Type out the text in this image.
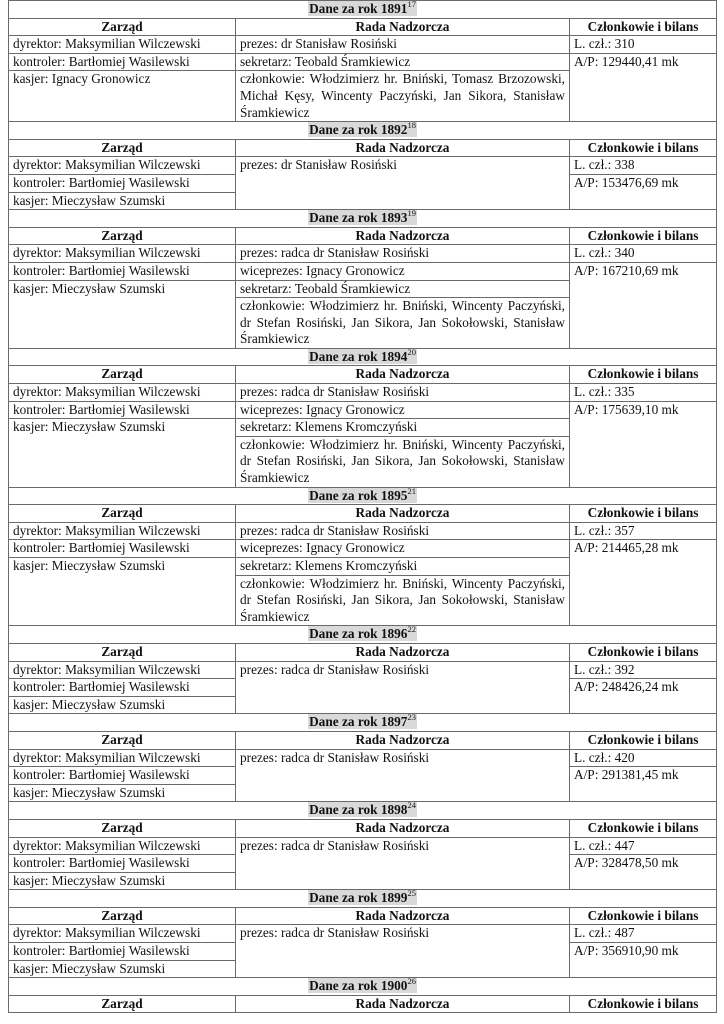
Dane za rok 1891$^{17}$
Zarząd	Rada Nadzorcza	Członkowie i bilans
dyrektor: Maksymilian Wilczewski	prezes: dr Stanisław Rosiński	L. czł.: 310
kontroler: Bartłomiej Wasilewski	sekretarz: Teobald Śramkiewicz	A/P: 129440,41 mk
kasjer: Ignacy Gronowicz	członkowie: Włodzimierz hr. Bniński, Tomasz Brzozowski, Michał Kęsy, Wincenty Paczyński, Jan Sikora, Stanisław Śramkiewicz	
Dane za rok 1892$^{18}$
Zarząd	Rada Nadzorcza	Członkowie i bilans
dyrektor: Maksymilian Wilczewski	prezes: dr Stanisław Rosiński	L. czł.: 338
kontroler: Bartłomiej Wasilewski		A/P: 153476,69 mk
kasjer: Mieczysław Szumski		
Dane za rok 1893$^{19}$
Zarząd	Rada Nadzorcza	Członkowie i bilans
dyrektor: Maksymilian Wilczewski	prezes: radca dr Stanisław Rosiński	L. czł.: 340
kontroler: Bartłomiej Wasilewski	wiceprezes: Ignacy Gronowicz	A/P: 167210,69 mk
kasjer: Mieczysław Szumski	sekretarz: Teobald Śramkiewicz	
	członkowie: Włodzimierz hr. Bniński, Wincenty Paczyński, dr Stefan Rosiński, Jan Sikora, Jan Sokołowski, Stanisław Śramkiewicz	
Dane za rok 1894$^{20}$
Zarząd	Rada Nadzorcza	Członkowie i bilans
dyrektor: Maksymilian Wilczewski	prezes: radca dr Stanisław Rosiński	L. czł.: 335
kontroler: Bartłomiej Wasilewski	wiceprezes: Ignacy Gronowicz	A/P: 175639,10 mk
kasjer: Mieczysław Szumski	sekretarz: Klemens Kromczyński	
	członkowie: Włodzimierz hr. Bniński, Wincenty Paczyński, dr Stefan Rosiński, Jan Sikora, Jan Sokołowski, Stanisław Śramkiewicz	
Dane za rok 1895$^{21}$
Zarząd	Rada Nadzorcza	Członkowie i bilans
dyrektor: Maksymilian Wilczewski	prezes: radca dr Stanisław Rosiński	L. czł.: 357
kontroler: Bartłomiej Wasilewski	wiceprezes: Ignacy Gronowicz	A/P: 214465,28 mk
kasjer: Mieczysław Szumski	sekretarz: Klemens Kromczyński	
	członkowie: Włodzimierz hr. Bniński, Wincenty Paczyński, dr Stefan Rosiński, Jan Sikora, Jan Sokołowski, Stanisław Śramkiewicz	
Dane za rok 1896$^{22}$
Zarząd	Rada Nadzorcza	Członkowie i bilans
dyrektor: Maksymilian Wilczewski	prezes: radca dr Stanisław Rosiński	L. czł.: 392
kontroler: Bartłomiej Wasilewski		A/P: 248426,24 mk
kasjer: Mieczysław Szumski		
Dane za rok 1897$^{23}$
Zarząd	Rada Nadzorcza	Członkowie i bilans
dyrektor: Maksymilian Wilczewski	prezes: radca dr Stanisław Rosiński	L. czł.: 420
kontroler: Bartłomiej Wasilewski		A/P: 291381,45 mk
kasjer: Mieczysław Szumski		
Dane za rok 1898$^{24}$
Zarząd	Rada Nadzorcza	Członkowie i bilans
dyrektor: Maksymilian Wilczewski	prezes: radca dr Stanisław Rosiński	L. czł.: 447
kontroler: Bartłomiej Wasilewski		A/P: 328478,50 mk
kasjer: Mieczysław Szumski		
Dane za rok 1899$^{25}$
Zarząd	Rada Nadzorcza	Członkowie i bilans
dyrektor: Maksymilian Wilczewski	prezes: radca dr Stanisław Rosiński	L. czł.: 487
kontroler: Bartłomiej Wasilewski		A/P: 356910,90 mk
kasjer: Mieczysław Szumski		
Dane za rok 1900$^{26}$
Zarząd	Rada Nadzorcza	Członkowie i bilans
